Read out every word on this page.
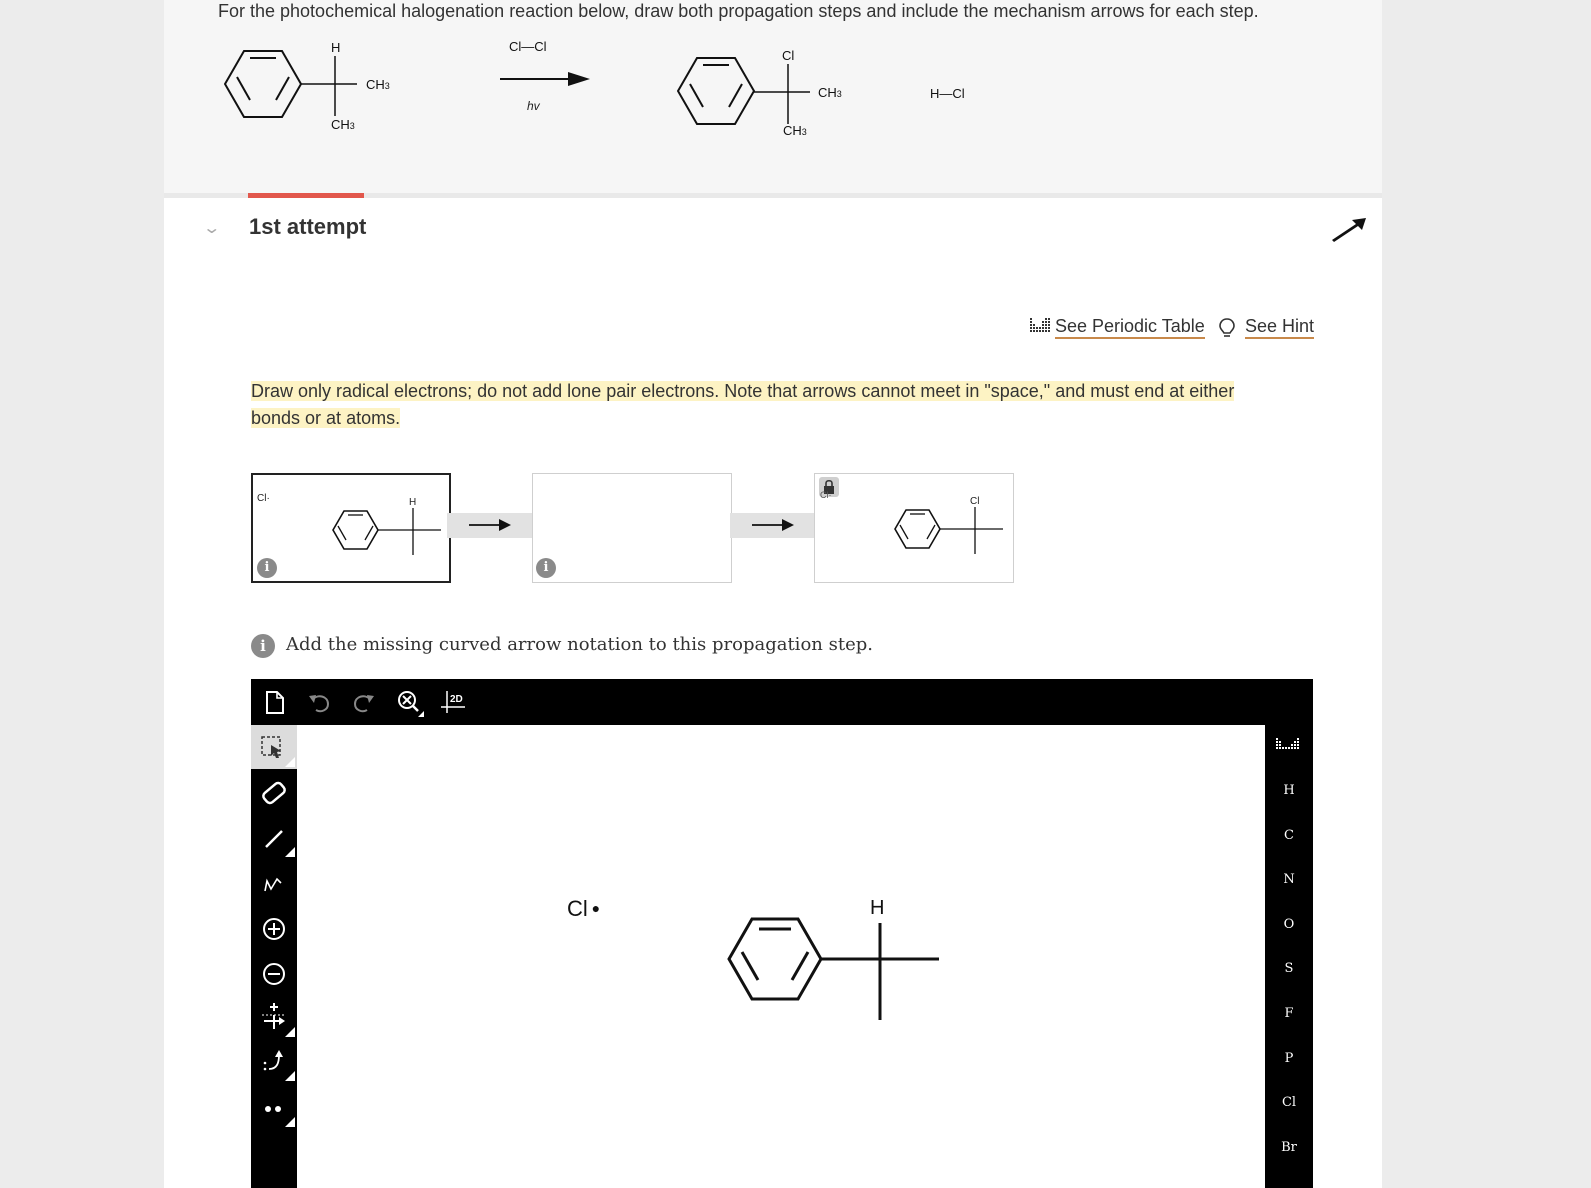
For the photochemical halogenation reaction below, draw both propagation steps and include the mechanism arrows for each step.
H
CH3
CH3
Cl—Cl
hv
Cl
CH3
CH3
H—Cl
⌄ 1st attempt
See Periodic Table See Hint
Draw only radical electrons; do not add lone pair electrons. Note that arrows cannot meet in "space," and must end at either bonds or at atoms.
Cl·	H
i	i
Cl·
Cl
i	Add the missing curved arrow notation to this propagation step.
2D
Cl ●	H
H
C
N
O
S
F
P
Cl
Br
